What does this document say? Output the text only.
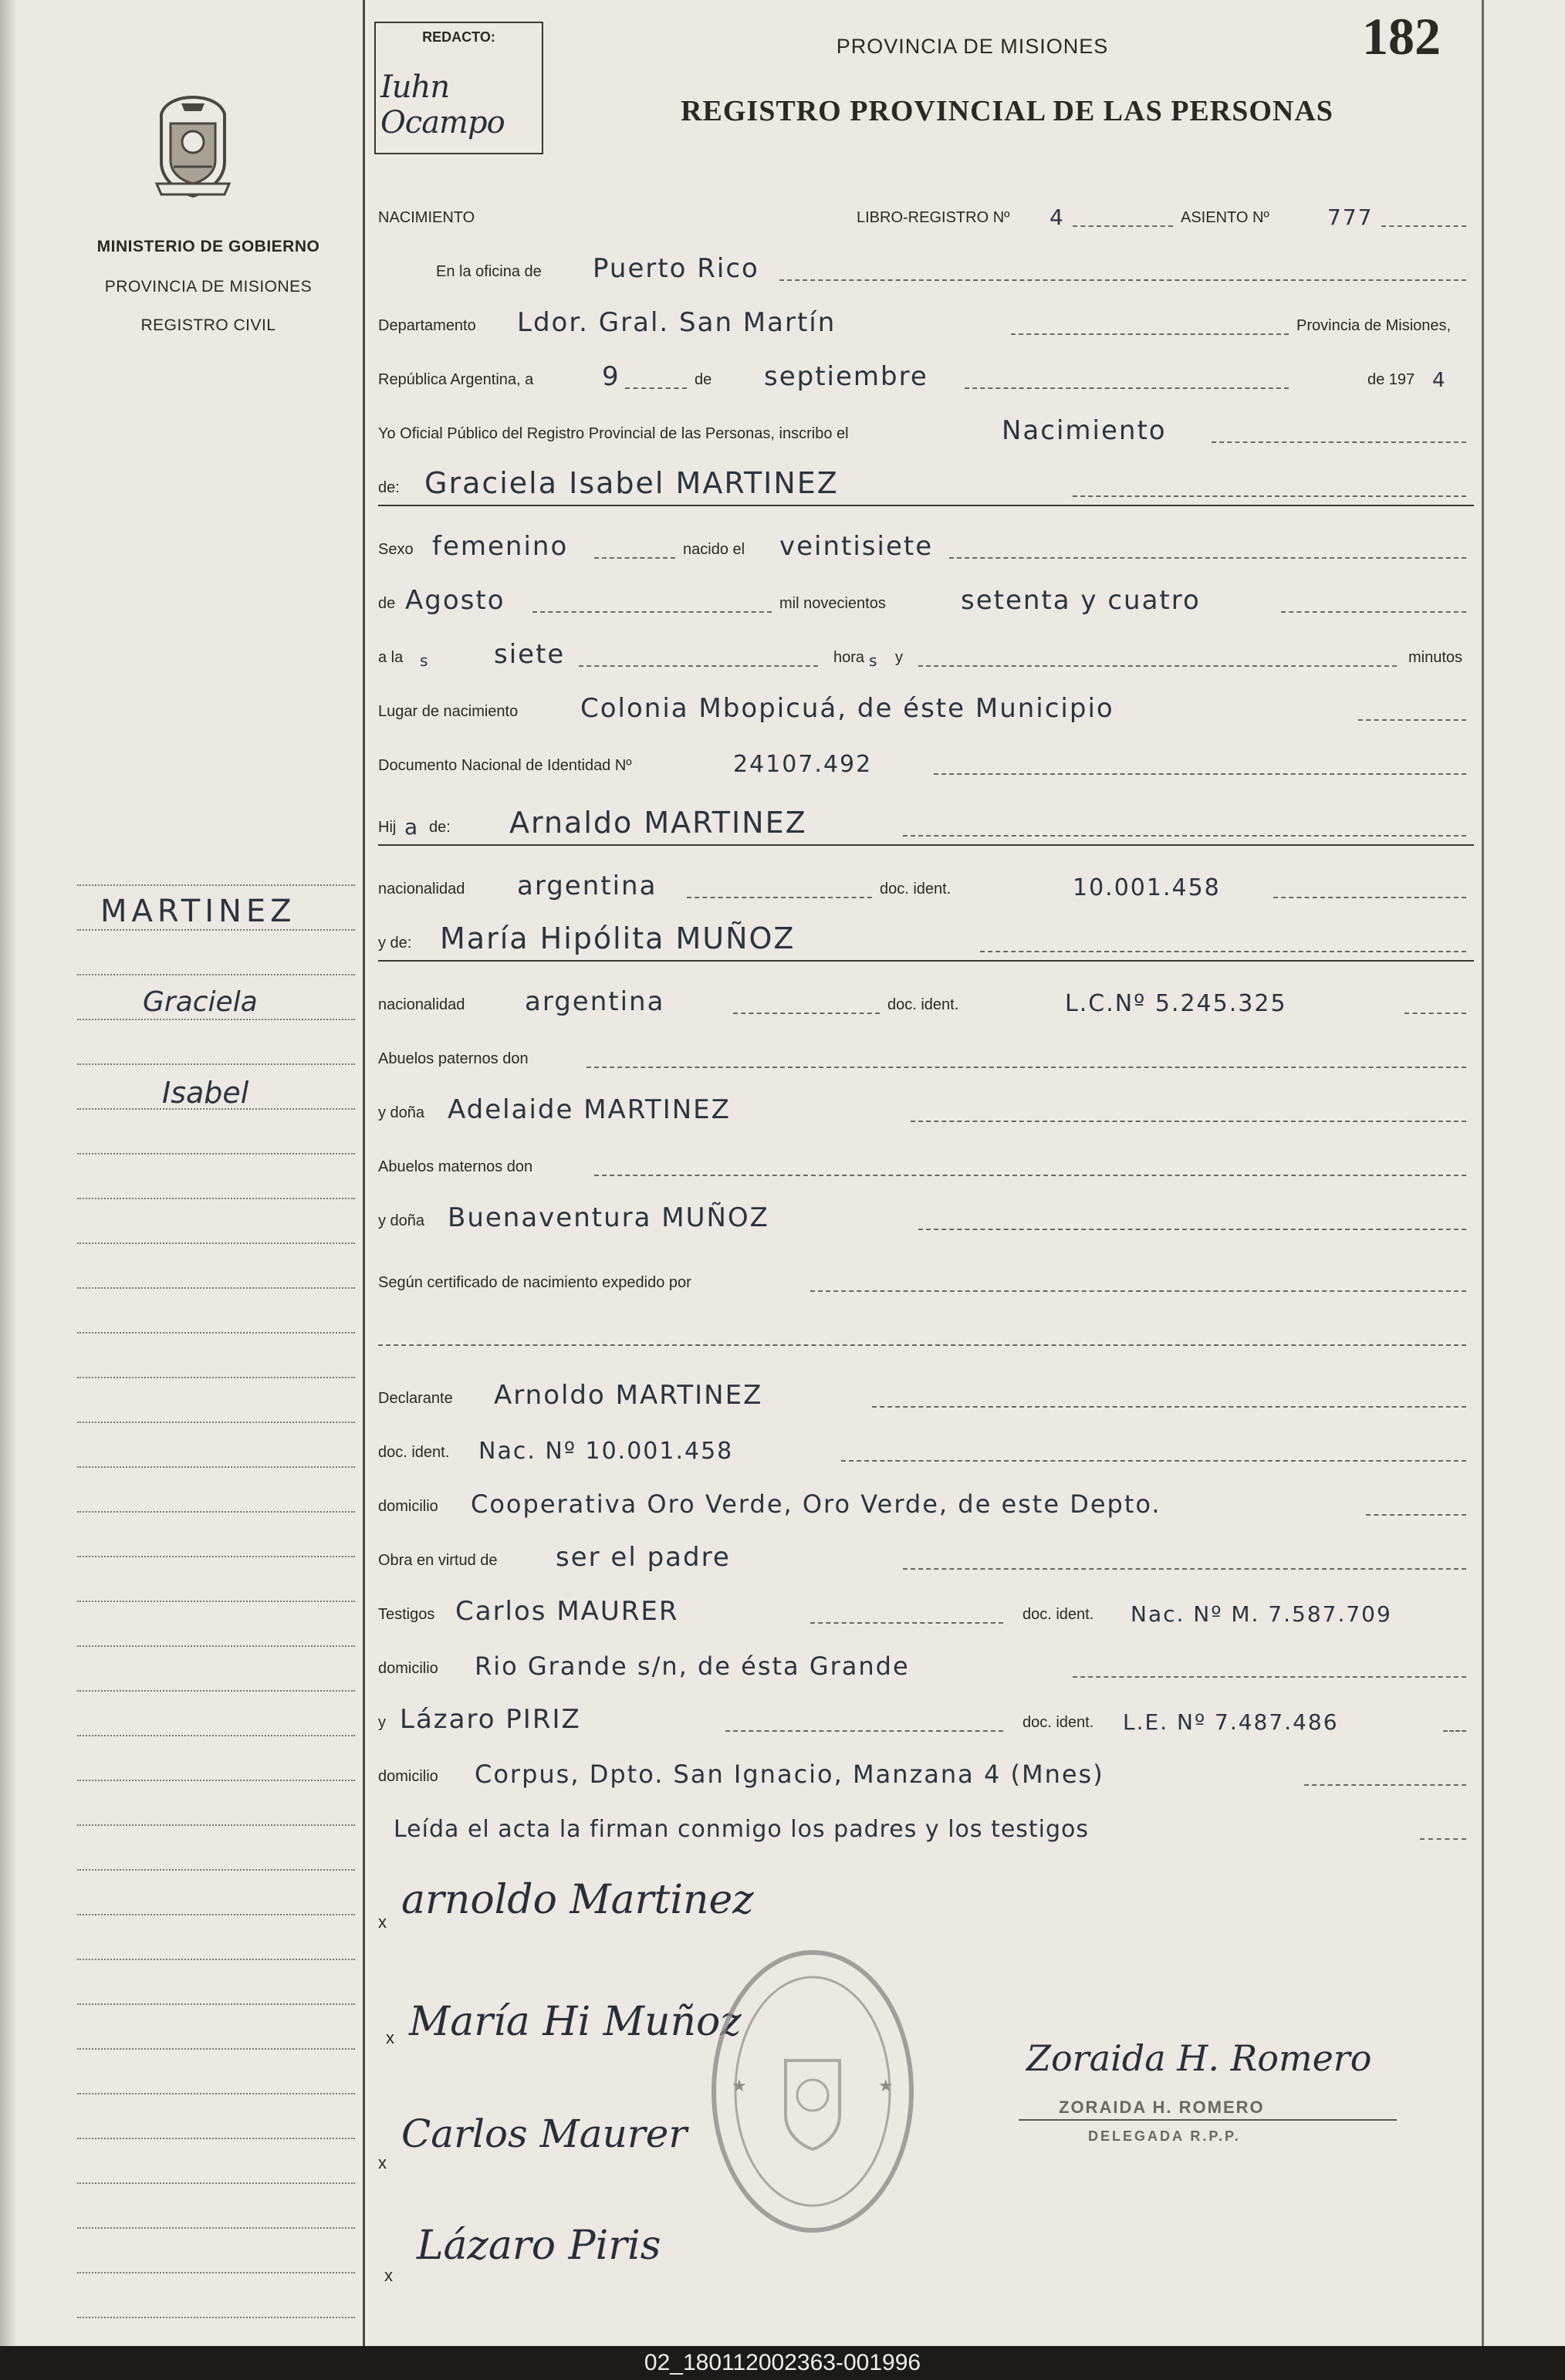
MINISTERIO DE GOBIERNO
PROVINCIA DE MISIONES
REGISTRO CIVIL
MARTINEZ
Graciela
Isabel
REDACTO:
Iuhn Ocampo
PROVINCIA DE MISIONES
REGISTRO PROVINCIAL DE LAS PERSONAS
182
NACIMIENTO	LIBRO-REGISTRO Nº 4	ASIENTO Nº	777
En la oficina de Puerto Rico
Departamento Ldor. Gral. San Martín	Provincia de Misiones,
República Argentina, a	9	de septiembre	de 197 4
Yo Oficial Público del Registro Provincial de las Personas, inscribo el	Nacimiento
de: Graciela Isabel MARTINEZ
Sexo femenino	nacido el veintisiete
de Agosto	mil novecientos	setenta y cuatro
a la s siete	hora s y	minutos
Lugar de nacimiento Colonia Mbopicuá, de éste Municipio
Documento Nacional de Identidad Nº	24107.492
Hij a de: Arnaldo MARTINEZ
nacionalidad argentina	doc. ident.	10.001.458
y de: María Hipólita MUÑOZ
nacionalidad argentina	doc. ident.	L.C.Nº 5.245.325
Abuelos paternos don
y doña Adelaide MARTINEZ
Abuelos maternos don
y doña Buenaventura MUÑOZ
Según certificado de nacimiento expedido por
Declarante Arnoldo MARTINEZ
doc. ident. Nac. Nº 10.001.458
domicilio Cooperativa Oro Verde, Oro Verde, de este Depto.
Obra en virtud de ser el padre
Testigos Carlos MAURER	doc. ident. Nac. Nº M. 7.587.709
domicilio Rio Grande s/n, de ésta Grande
y Lázaro PIRIZ	doc. ident. L.E. Nº 7.487.486
domicilio Corpus, Dpto. San Ignacio, Manzana 4 (Mnes)
Leída el acta la firman conmigo los padres y los testigos
x arnoldo Martinez
x María Hi Muñoz
x
Carlos Maurer
x
Lázaro Piris
★	★
Zoraida H. Romero
ZORAIDA H. ROMERO
DELEGADA R.P.P.
02_180112002363-001996
